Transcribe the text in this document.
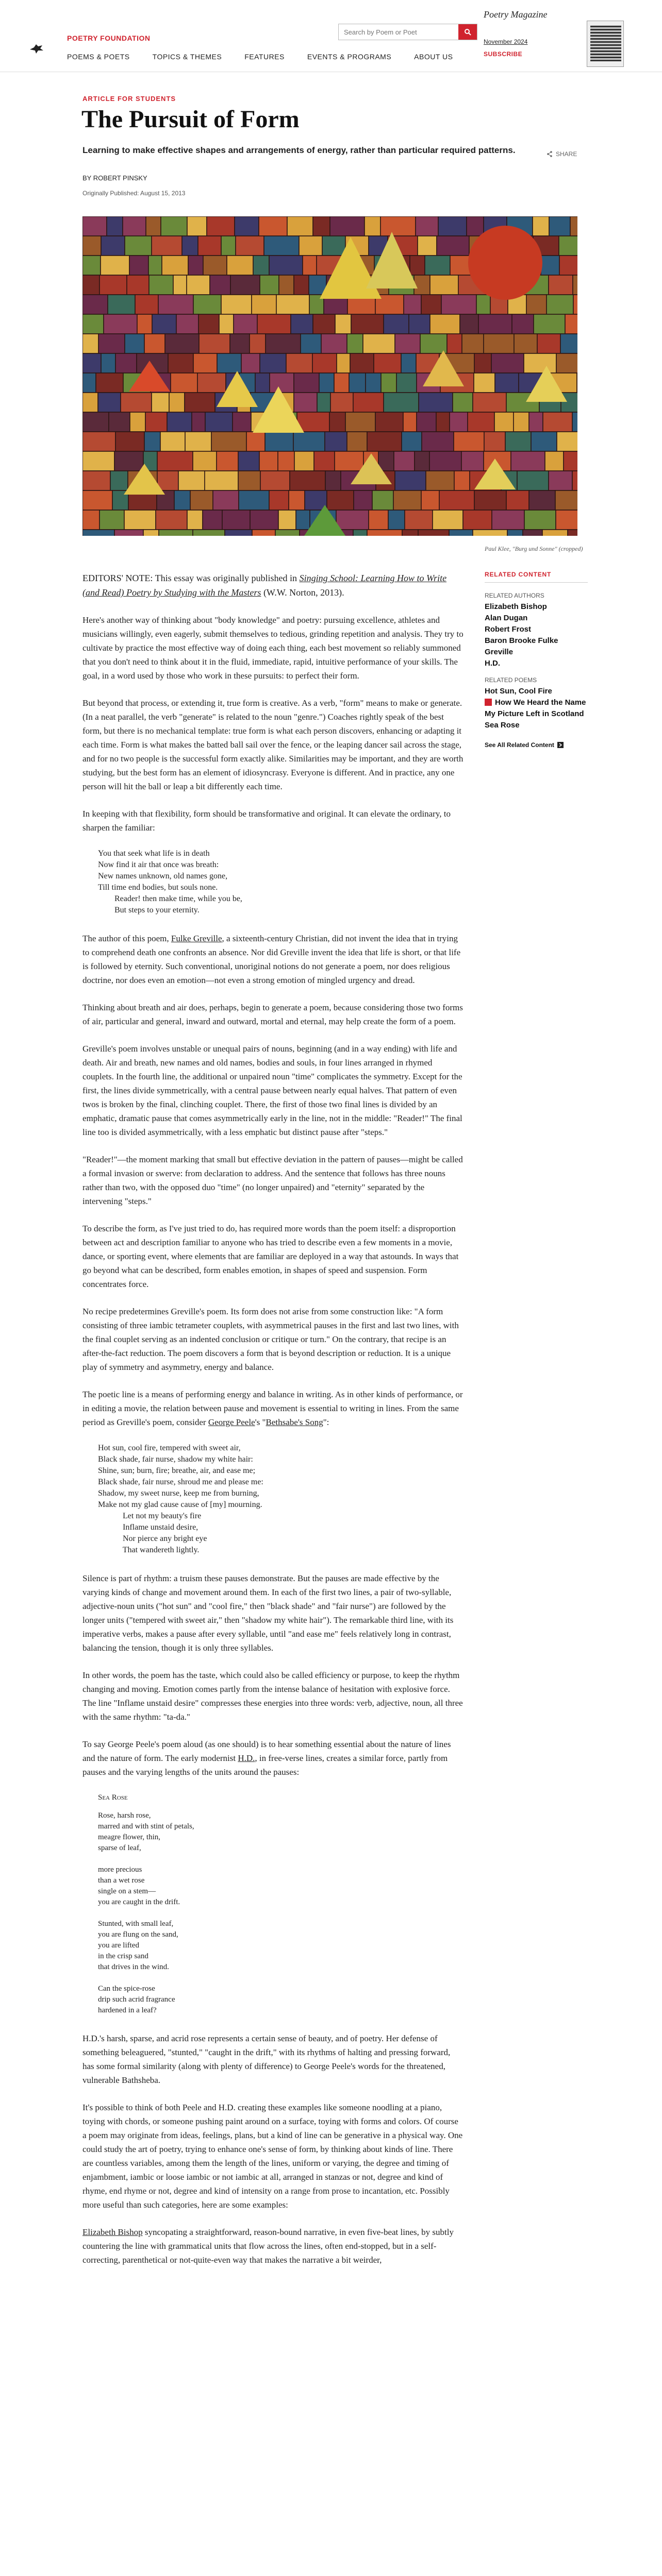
POETRY FOUNDATION
POEMS & POETS	TOPICS & THEMES	FEATURES	EVENTS & PROGRAMS	ABOUT US
Search by Poem or Poet
Poetry Magazine
November 2024
SUBSCRIBE
ARTICLE FOR STUDENTS
The Pursuit of Form
Learning to make effective shapes and arrangements of energy, rather than particular required patterns.
BY ROBERT PINSKY
Originally Published: August 15, 2013
SHARE
Paul Klee, "Burg und Sonne" (cropped)

EDITORS' NOTE: This essay was originally published in Singing School: Learning How to Write (and Read) Poetry by Studying with the Masters (W.W. Norton, 2013).

Here's another way of thinking about "body knowledge" and poetry: pursuing excellence, athletes and musicians willingly, even eagerly, submit themselves to tedious, grinding repetition and analysis. They try to cultivate by practice the most effective way of doing each thing, each best movement so reliably summoned that you don't need to think about it in the fluid, immediate, rapid, intuitive performance of your skills. The goal, in a word used by those who work in these pursuits: to perfect their form.

But beyond that process, or extending it, true form is creative. As a verb, "form" means to make or generate. (In a neat parallel, the verb "generate" is related to the noun "genre.") Coaches rightly speak of the best form, but there is no mechanical template: true form is what each person discovers, enhancing or adapting it each time. Form is what makes the batted ball sail over the fence, or the leaping dancer sail across the stage, and for no two people is the successful form exactly alike. Similarities may be important, and they are worth studying, but the best form has an element of idiosyncrasy. Everyone is different. And in practice, any one person will hit the ball or leap a bit differently each time.

In keeping with that flexibility, form should be transformative and original. It can elevate the ordinary, to sharpen the familiar:

You that seek what life is in death
Now find it air that once was breath:
New names unknown, old names gone,
Till time end bodies, but souls none.
Reader! then make time, while you be,
But steps to your eternity.

The author of this poem, Fulke Greville, a sixteenth-century Christian, did not invent the idea that in trying to comprehend death one confronts an absence. Nor did Greville invent the idea that life is short, or that life is followed by eternity. Such conventional, unoriginal notions do not generate a poem, nor does religious doctrine, nor does even an emotion—not even a strong emotion of mingled urgency and dread.

Thinking about breath and air does, perhaps, begin to generate a poem, because considering those two forms of air, particular and general, inward and outward, mortal and eternal, may help create the form of a poem.

Greville's poem involves unstable or unequal pairs of nouns, beginning (and in a way ending) with life and death. Air and breath, new names and old names, bodies and souls, in four lines arranged in rhymed couplets. In the fourth line, the additional or unpaired noun "time" complicates the symmetry. Except for the first, the lines divide symmetrically, with a central pause between nearly equal halves. That pattern of even twos is broken by the final, clinching couplet. There, the first of those two final lines is divided by an emphatic, dramatic pause that comes asymmetrically early in the line, not in the middle: "Reader!" The final line too is divided asymmetrically, with a less emphatic but distinct pause after "steps."

"Reader!"—the moment marking that small but effective deviation in the pattern of pauses—might be called a formal invasion or swerve: from declaration to address. And the sentence that follows has three nouns rather than two, with the opposed duo "time" (no longer unpaired) and "eternity" separated by the intervening "steps."

To describe the form, as I've just tried to do, has required more words than the poem itself: a disproportion between act and description familiar to anyone who has tried to describe even a few moments in a movie, dance, or sporting event, where elements that are familiar are deployed in a way that astounds. In ways that go beyond what can be described, form enables emotion, in shapes of speed and suspension. Form concentrates force.

No recipe predetermines Greville's poem. Its form does not arise from some construction like: "A form consisting of three iambic tetrameter couplets, with asymmetrical pauses in the first and last two lines, with the final couplet serving as an indented conclusion or critique or turn." On the contrary, that recipe is an after-the-fact reduction. The poem discovers a form that is beyond description or reduction. It is a unique play of symmetry and asymmetry, energy and balance.

The poetic line is a means of performing energy and balance in writing. As in other kinds of performance, or in editing a movie, the relation between pause and movement is essential to writing in lines. From the same period as Greville's poem, consider George Peele's "Bethsabe's Song":

Hot sun, cool fire, tempered with sweet air,
Black shade, fair nurse, shadow my white hair:
Shine, sun; burn, fire; breathe, air, and ease me;
Black shade, fair nurse, shroud me and please me:
Shadow, my sweet nurse, keep me from burning,
Make not my glad cause cause of [my] mourning.
Let not my beauty's fire
Inflame unstaid desire,
Nor pierce any bright eye
That wandereth lightly.

Silence is part of rhythm: a truism these pauses demonstrate. But the pauses are made effective by the varying kinds of change and movement around them. In each of the first two lines, a pair of two-syllable, adjective-noun units ("hot sun" and "cool fire," then "black shade" and "fair nurse") are followed by the longer units ("tempered with sweet air," then "shadow my white hair"). The remarkable third line, with its imperative verbs, makes a pause after every syllable, until "and ease me" feels relatively long in contrast, balancing the tension, though it is only three syllables.

In other words, the poem has the taste, which could also be called efficiency or purpose, to keep the rhythm changing and moving. Emotion comes partly from the intense balance of hesitation with explosive force. The line "Inflame unstaid desire" compresses these energies into three words: verb, adjective, noun, all three with the same rhythm: "ta-da."

To say George Peele's poem aloud (as one should) is to hear something essential about the nature of lines and the nature of form. The early modernist H.D., in free-verse lines, creates a similar force, partly from pauses and the varying lengths of the units around the pauses:

Sea Rose
Rose, harsh rose,
marred and with stint of petals,
meagre flower, thin,
sparse of leaf,
more precious
than a wet rose
single on a stem—
you are caught in the drift.
Stunted, with small leaf,
you are flung on the sand,
you are lifted
in the crisp sand
that drives in the wind.
Can the spice-rose
drip such acrid fragrance
hardened in a leaf?

H.D.'s harsh, sparse, and acrid rose represents a certain sense of beauty, and of poetry. Her defense of something beleaguered, "stunted," "caught in the drift," with its rhythms of halting and pressing forward, has some formal similarity (along with plenty of difference) to George Peele's words for the threatened, vulnerable Bathsheba.

It's possible to think of both Peele and H.D. creating these examples like someone noodling at a piano, toying with chords, or someone pushing paint around on a surface, toying with forms and colors. Of course a poem may originate from ideas, feelings, plans, but a kind of line can be generative in a physical way. One could study the art of poetry, trying to enhance one's sense of form, by thinking about kinds of line. There are countless variables, among them the length of the lines, uniform or varying, the degree and timing of enjambment, iambic or loose iambic or not iambic at all, arranged in stanzas or not, degree and kind of rhyme, end rhyme or not, degree and kind of intensity on a range from prose to incantation, etc. Possibly more useful than such categories, here are some examples:

Elizabeth Bishop syncopating a straightforward, reason-bound narrative, in even five-beat lines, by subtly countering the line with grammatical units that flow across the lines, often end-stopped, but in a self-correcting, parenthetical or not-quite-even way that makes the narrative a bit weirder,

RELATED CONTENT
RELATED AUTHORS
Elizabeth Bishop
Alan Dugan
Robert Frost
Baron Brooke Fulke Greville
H.D.
RELATED POEMS
Hot Sun, Cool Fire
How We Heard the Name
My Picture Left in Scotland
Sea Rose
See All Related Content
